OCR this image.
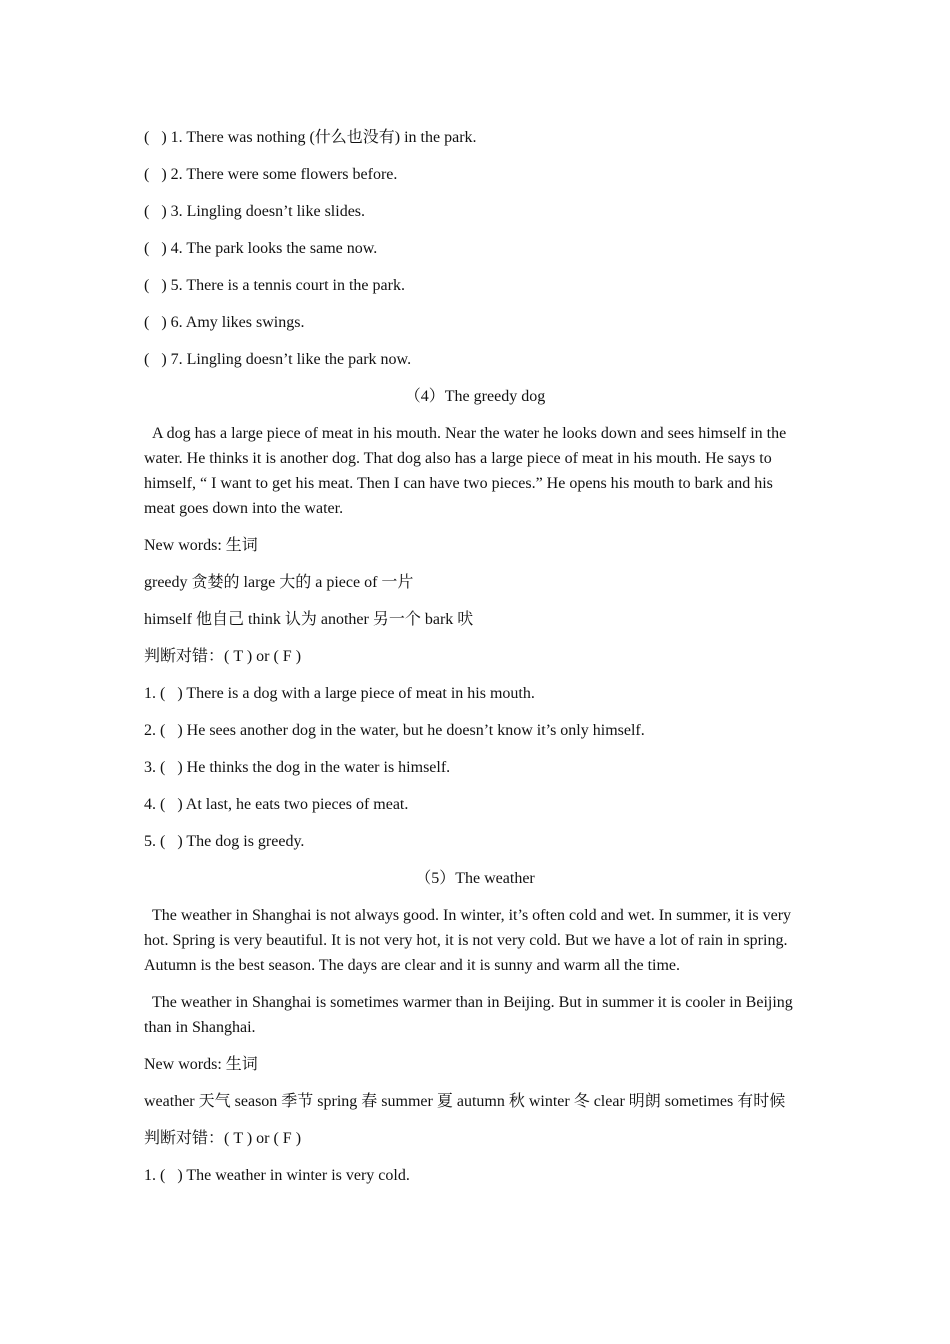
(   ) 1. There was nothing (什么也没有) in the park.
(   ) 2. There were some flowers before.
(   ) 3. Lingling doesn’t like slides.
(   ) 4. The park looks the same now.
(   ) 5. There is a tennis court in the park.
(   ) 6. Amy likes swings.
(   ) 7. Lingling doesn’t like the park now.
（4）The greedy dog
A dog has a large piece of meat in his mouth. Near the water he looks down and sees himself in the water. He thinks it is another dog. That dog also has a large piece of meat in his mouth. He says to himself, “ I want to get his meat. Then I can have two pieces.” He opens his mouth to bark and his meat goes down into the water.
New words: 生词
greedy 贪婪的 large 大的 a piece of 一片
himself 他自己 think 认为 another 另一个 bark 吠
判断对错：( T ) or ( F )
1. (   ) There is a dog with a large piece of meat in his mouth.
2. (   ) He sees another dog in the water, but he doesn’t know it’s only himself.
3. (   ) He thinks the dog in the water is himself.
4. (   ) At last, he eats two pieces of meat.
5. (   ) The dog is greedy.
（5）The weather
The weather in Shanghai is not always good. In winter, it’s often cold and wet. In summer, it is very hot. Spring is very beautiful. It is not very hot, it is not very cold. But we have a lot of rain in spring. Autumn is the best season. The days are clear and it is sunny and warm all the time.
The weather in Shanghai is sometimes warmer than in Beijing. But in summer it is cooler in Beijing than in Shanghai.
New words: 生词
weather 天气 season 季节 spring 春 summer 夏 autumn 秋 winter 冬 clear 明朗 sometimes 有时候
判断对错：( T ) or ( F )
1. (   ) The weather in winter is very cold.
